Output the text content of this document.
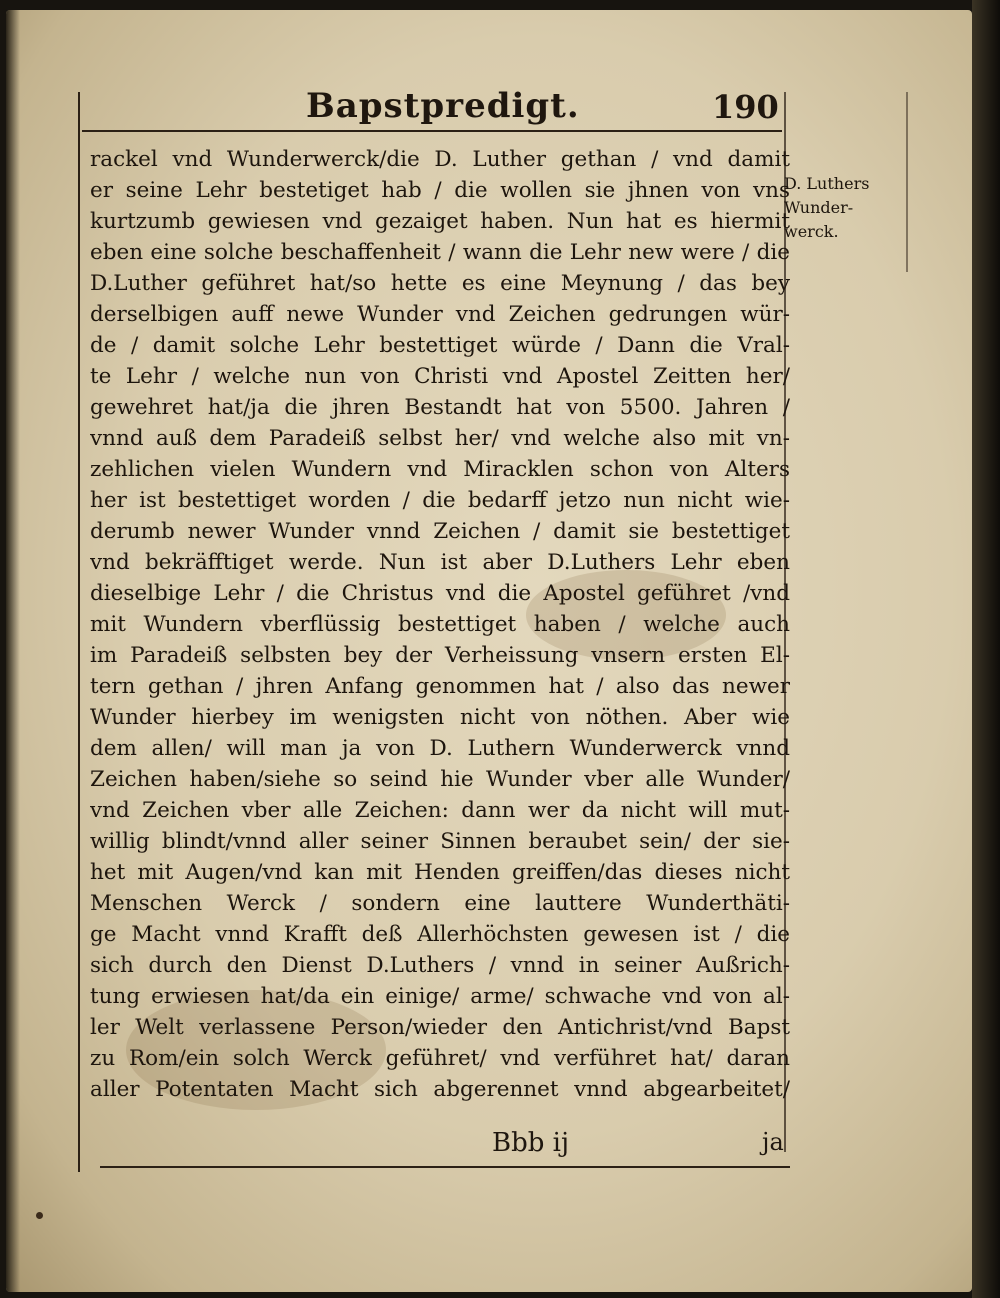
Bapstpredigt.	190
D. Luthers
Wunder-
werck.
rackel vnd Wunderwerck/die D. Luther gethan / vnd damit
er seine Lehr bestetiget hab / die wollen sie jhnen von vns
kurtzumb gewiesen vnd gezaiget haben. Nun hat es hiermit
eben eine solche beschaffenheit / wann die Lehr new were / die
D.Luther geführet hat/so hette es eine Meynung / das bey
derselbigen auff newe Wunder vnd Zeichen gedrungen wür-
de / damit solche Lehr bestettiget würde / Dann die Vral-
te Lehr / welche nun von Christi vnd Apostel Zeitten her/
gewehret hat/ja die jhren Bestandt hat von 5500. Jahren /
vnnd auß dem Paradeiß selbst her/ vnd welche also mit vn-
zehlichen vielen Wundern vnd Miracklen schon von Alters
her ist bestettiget worden / die bedarff jetzo nun nicht wie-
derumb newer Wunder vnnd Zeichen / damit sie bestettiget
vnd bekräfftiget werde. Nun ist aber D.Luthers Lehr eben
dieselbige Lehr / die Christus vnd die Apostel geführet /vnd
mit Wundern vberflüssig bestettiget haben / welche auch
im Paradeiß selbsten bey der Verheissung vnsern ersten El-
tern gethan / jhren Anfang genommen hat / also das newer
Wunder hierbey im wenigsten nicht von nöthen. Aber wie
dem allen/ will man ja von D. Luthern Wunderwerck vnnd
Zeichen haben/siehe so seind hie Wunder vber alle Wunder/
vnd Zeichen vber alle Zeichen: dann wer da nicht will mut-
willig blindt/vnnd aller seiner Sinnen beraubet sein/ der sie-
het mit Augen/vnd kan mit Henden greiffen/das dieses nicht
Menschen Werck / sondern eine lauttere Wunderthäti-
ge Macht vnnd Krafft deß Allerhöchsten gewesen ist / die
sich durch den Dienst D.Luthers / vnnd in seiner Außrich-
tung erwiesen hat/da ein einige/ arme/ schwache vnd von al-
ler Welt verlassene Person/wieder den Antichrist/vnd Bapst
zu Rom/ein solch Werck geführet/ vnd verführet hat/ daran
aller Potentaten Macht sich abgerennet vnnd abgearbeitet/
Bbb ij	ja
